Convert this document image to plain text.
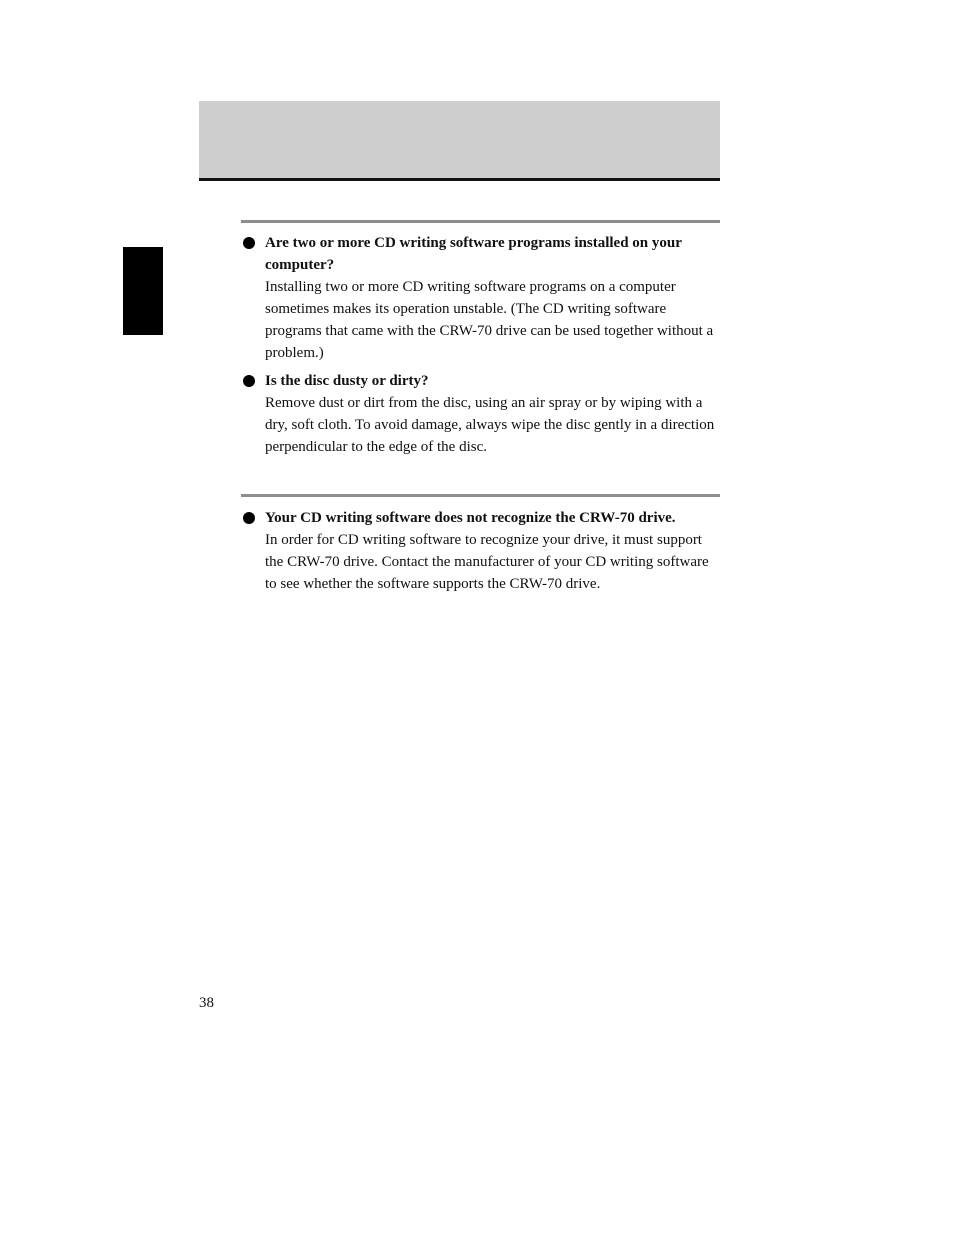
Are two or more CD writing software programs installed on your computer?
Installing two or more CD writing software programs on a computer sometimes makes its operation unstable. (The CD writing software programs that came with the CRW-70 drive can be used together without a problem.)
Is the disc dusty or dirty?
Remove dust or dirt from the disc, using an air spray or by wiping with a dry, soft cloth. To avoid damage, always wipe the disc gently in a direction perpendicular to the edge of the disc.
Your CD writing software does not recognize the CRW-70 drive.
In order for CD writing software to recognize your drive, it must support the CRW-70 drive. Contact the manufacturer of your CD writing software to see whether the software supports the CRW-70 drive.
38
